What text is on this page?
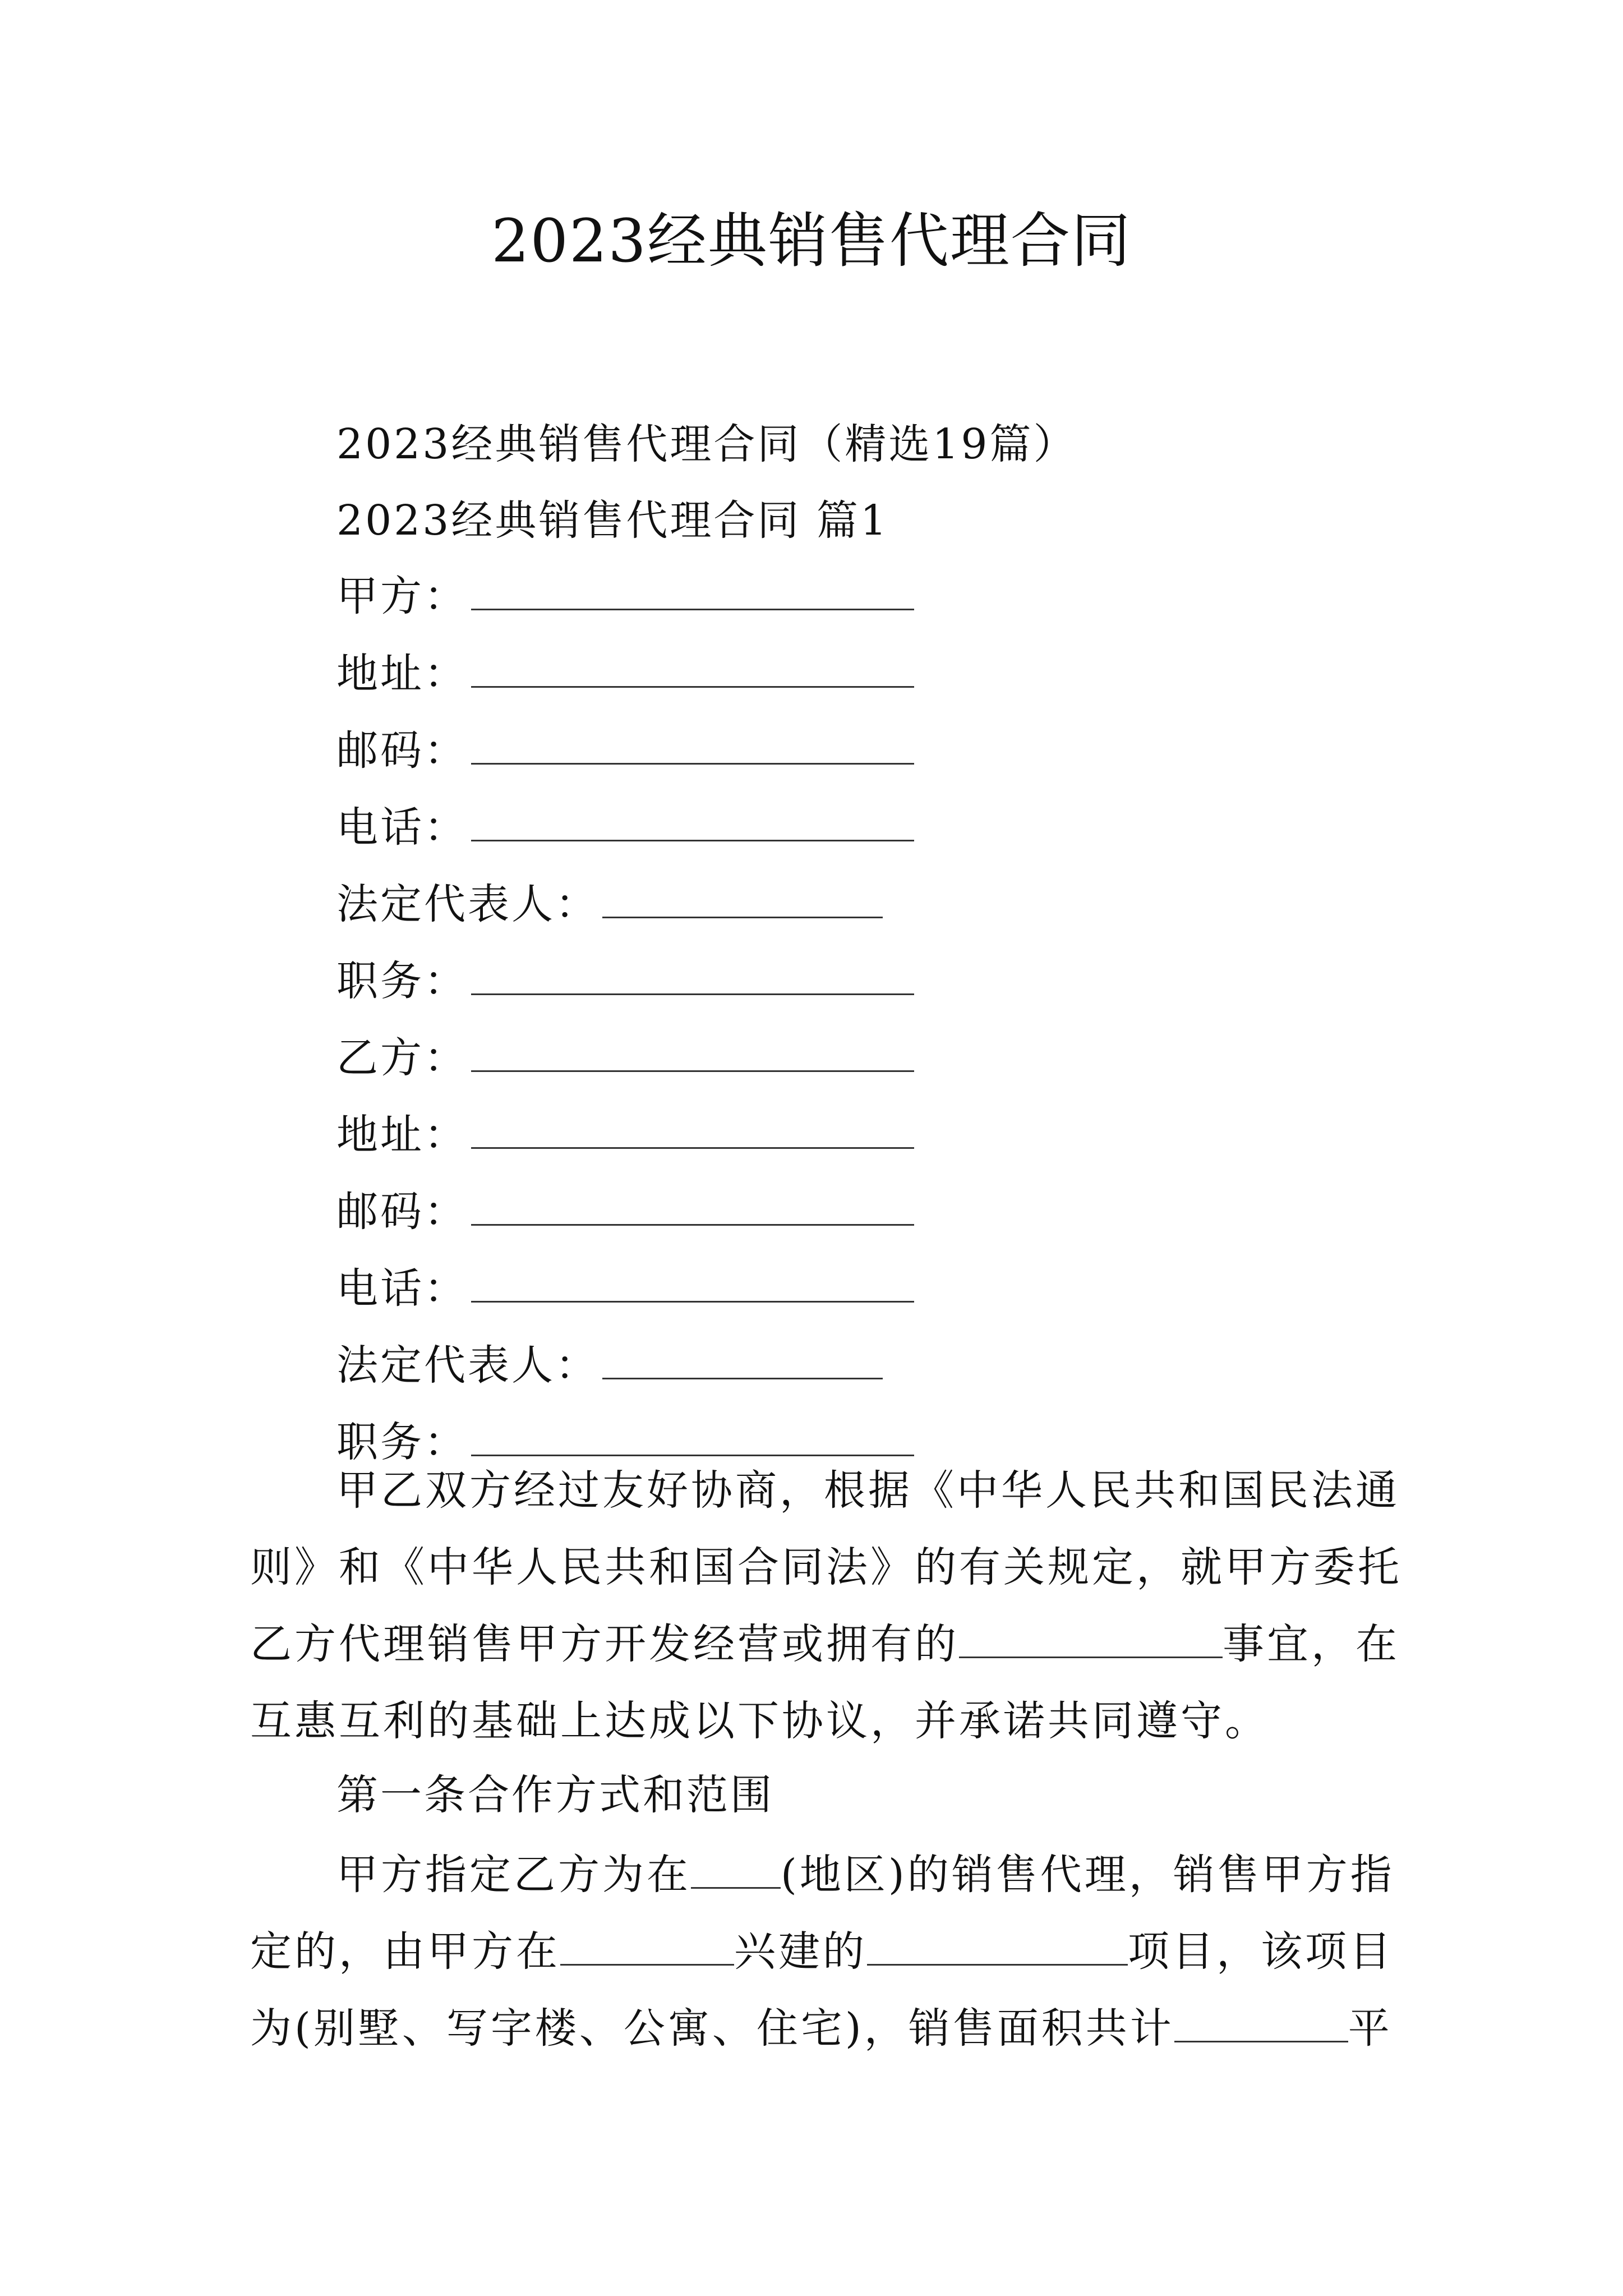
2023经典销售代理合同
2023经典销售代理合同（精选19篇）
2023经典销售代理合同 篇1
甲方：
地址：
邮码：
电话：
法定代表人：
职务：
乙方：
地址：
邮码：
电话：
法定代表人：
职务：
甲乙双方经过友好协商，根据《中华人民共和国民法通
则》和《中华人民共和国合同法》的有关规定，就甲方委托
乙方代理销售甲方开发经营或拥有的	事宜，在
互惠互利的基础上达成以下协议，并承诺共同遵守。
第一条合作方式和范围
甲方指定乙方为在 (地区)的销售代理，销售甲方指
定的，由甲方在	兴建的	项目，该项目
为(别墅、写字楼、公寓、住宅)，销售面积共计	平
